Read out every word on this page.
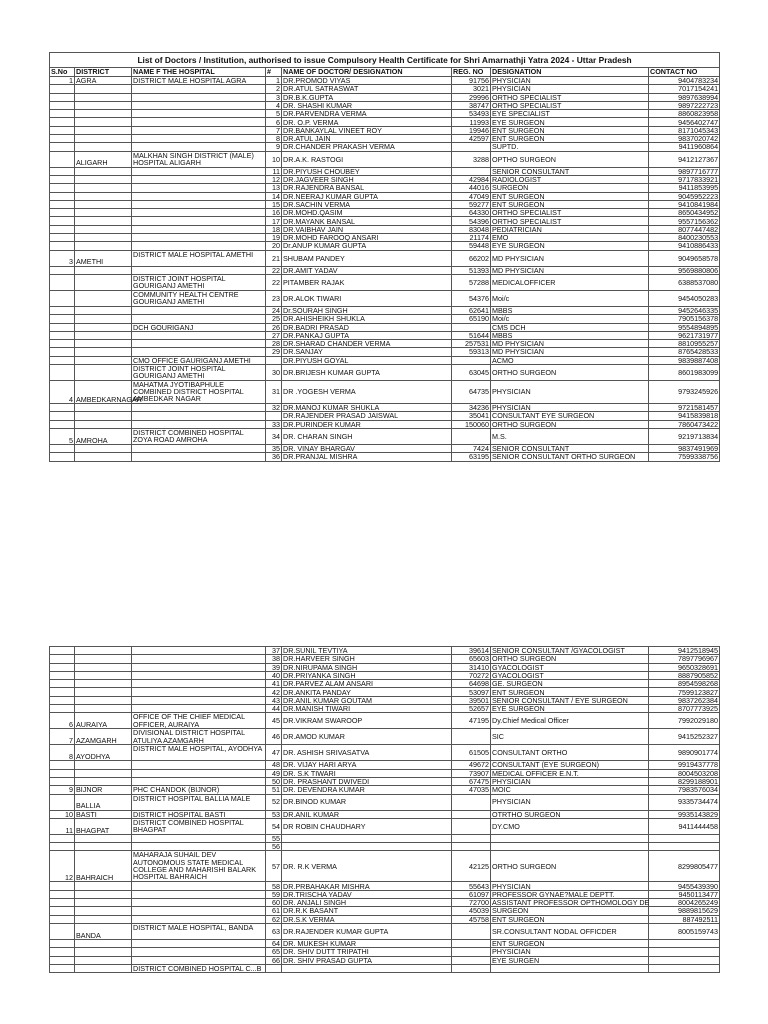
List of Doctors / Institution, authorised to issue Compulsory Health Certificate for Shri Amarnathji Yatra 2024 - Uttar Pradesh							
S.No	DISTRICT	NAME F THE HOSPITAL	#	NAME OF DOCTOR/ DESIGNATION	REG. NO	DESIGNATION	CONTACT NO
1	AGRA	DISTRICT MALE HOSPITAL AGRA	1	DR.PROMOD VIYAS	91756	PHYSICIAN	9404783234
			2	DR.ATUL SATRASWAT	3021	PHYSICIAN	7017154241
			3	DR.B.K.GUPTA	29996	ORTHO SPECIALIST	9897638994
			4	DR. SHASHI KUMAR	38747	ORTHO SPECIALIST	9897222723
			5	DR.PARVENDRA VERMA	53493	EYE SPECIALIST	8860823958
			6	DR. O.P. VERMA	11993	EYE SURGEON	9456402747
			7	DR.BANKAYLAL VINEET ROY	19946	ENT SURGEON	8171045343
			8	DR.ATUL JAIN	42597	ENT SURGEON	9837020742
			9	DR.CHANDER PRAKASH VERMA		SUPTD.	9411960864
	ALIGARH	MALKHAN SINGH DISTRICT (MALE) HOSPITAL ALIGARH	10	DR.A.K. RASTOGI	3288	OPTHO SURGEON	9412127367
			11	DR.PIYUSH CHOUBEY		SENIOR CONSULTANT	9897716777
			12	DR.JAGVEER SINGH	42984	RADIOLOGIST	9717833921
			13	DR.RAJENDRA BANSAL	44016	SURGEON	9411853995
			14	DR.NEERAJ KUMAR GUPTA	47049	ENT SURGEON	9045952223
			15	DR.SACHIN VERMA	59277	ENT SURGEON	9410841984
			16	DR.MOHD.QASIM	64330	ORTHO SPECIALIST	8650434952
			17	DR.MAYANK BANSAL	54396	ORTHO SPECIALIST	9557156362
			18	DR.VAIBHAV JAIN	83048	PEDIATRICIAN	8077447482
			19	DR.MOHD FAROOQ ANSARI	21174	EMO	8400230553
			20	Dr.ANUP KUMAR GUPTA	59448	EYE SURGEON	9410886433
3	AMETHI	DISTRICT MALE HOSPITAL AMETHI	21	SHUBAM PANDEY	66202	MD PHYSICIAN	9049658578
			22	DR.AMIT YADAV	51393	MD PHYSICIAN	9569880806
		DISTRICT JOINT HOSPITAL GOURIGANJ AMETHI	22	PITAMBER RAJAK	57288	MEDICALOFFICER	6388537080
		COMMUNITY HEALTH CENTRE GOURIGANJ AMETHI	23	DR.ALOK TIWARI	54376	Moi/c	9454050283
			24	Dr.SOURAH SINGH	62641	MBBS	9452646335
			25	DR.AHISHEIKH SHUKLA	65190	Moi/c	7905156378
		DCH GOURIGANJ	26	DR.BADRI PRASAD		CMS DCH	9554894895
			27	DR.PANKAJ GUPTA	51644	MBBS	9621731977
			28	DR.SHARAD CHANDER VERMA	257531	MD PHYSICIAN	8810955257
			29	DR.SANJAY	59313	MD PHYSICIAN	8765428533
		CMO OFFICE GAURIGANJ AMETHI		DR.PIYUSH GOYAL		ACMO	9839887408
		DISTRICT JOINT HOSPITAL GOURIGANJ AMETHI	30	DR.BRIJESH KUMAR GUPTA	63045	ORTHO SURGEON	8601983099
4	AMBEDKARNAGAR	MAHATMA JYOTIBAPHULE COMBINED DISTRICT HOSPITAL AMBEDKAR NAGAR	31	DR .YOGESH VERMA	64735	PHYSICIAN	9793245926
			32	DR.MANOJ KUMAR SHUKLA	34236	PHYSICIAN	9721581457
				DR.RAJENDER PRASAD JAISWAL	35041	CONSULTANT EYE SURGEON	9415839818
			33	DR.PURINDER KUMAR	150060	ORTHO SURGEON	7860473422
5	AMROHA	DISTRICT COMBINED HOSPITAL ZOYA ROAD AMROHA	34	DR. CHARAN SINGH		M.S.	9219713834
			35	DR. VINAY BHARGAV	7424	SENIOR CONSULTANT	9837491969
			36	DR.PRANJAL MISHRA	63195	SENIOR CONSULTANT ORTHO SURGEON	7599338756
			37	DR.SUNIL TEVTIYA	39614	SENIOR CONSULTANT /GYACOLOGIST	9412518945
			38	DR.HARVEER SINGH	65603	ORTHO SURGEON	7897796967
			39	DR.NIRUPAMA SINGH	31410	GYACOLOGIST	9650328691
			40	DR.PRIYANKA SINGH	70272	GYACOLOGIST	8887905852
			41	DR.PARVEZ ALAM ANSARI	64698	GE. SURGEON	8954598268
			42	DR.ANKITA PANDAY	53097	ENT SURGEON	7599123827
			43	DR.ANIL KUMAR GOUTAM	39501	SENIOR CONSULTANT / EYE SURGEON	9837262384
			44	DR.MANISH TIWARI	52657	EYE SURGEON	8707773925
6	AURAIYA	OFFICE OF THE CHIEF MEDICAL OFFICER, AURAIYA	45	DR.VIKRAM SWAROOP	47195	Dy.Chief Medical Officer	7992029180
7	AZAMGARH	DIVISIONAL DISTRICT HOSPITAL ATULIYA AZAMGARH	46	DR.AMOD KUMAR		SIC	9415252327
8	AYODHYA	DISTRICT MALE HOSPITAL, AYODHYA	47	DR. ASHISH SRIVASATVA	61505	CONSULTANT ORTHO	9890901774
			48	DR. VIJAY HARI ARYA	49672	CONSULTANT (EYE SURGEON)	9919437778
			49	DR. S.K TIWARI	73907	MEDICAL OFFICER E.N.T.	8004503208
			50	DR. PRASHANT DWIVEDI	67475	PHYSICIAN	8299188901
9	BIJNOR	PHC CHANDOK (BIJNOR)	51	DR. DEVENDRA KUMAR	47035	MOIC	7983576034
	BALLIA	DISTRICT HOSPITAL BALLIA MALE	52	DR.BINOD KUMAR		PHYSICIAN	9335734474
10	BASTI	DISTRICT HOSPITAL BASTI	53	DR.ANIL KUMAR		OTRTHO SURGEON	9935143829
11	BHAGPAT	DISTRICT COMBINED HOSPITAL BHAGPAT	54	DR ROBIN CHAUDHARY		DY.CMO	9411444458
			55				
			56				
12	BAHRAICH	MAHARAJA SUHAIL DEV AUTONOMOUS STATE MEDICAL COLLEGE AND MAHARISHI BALARK HOSPITAL BAHRAICH	57	DR. R.K VERMA	42125	ORTHO SURGEON	8299805477
			58	DR.PRBAHAKAR MISHRA	55643	PHYSICIAN	9455439390
			59	DR.TRISCHA YADAV	61097	PROFESSOR GYNAE?MALE DEPTT.	9450113477
			60	DR. ANJALI SINGH	72700	ASSISTANT PROFESSOR OPTHOMOLOGY DE	8004265249
			61	DR.R.K BASANT	45039	SURGEON	9889815629
			62	DR.S.K VERMA	45758	ENT SURGEON	887492511
	BANDA	DISTRICT MALE HOSPITAL, BANDA	63	DR.RAJENDER KUMAR GUPTA		SR.CONSULTANT NODAL OFFICDER	8005159743
			64	DR. MUKESH KUMAR		ENT SURGEON	
			65	DR. SHIV DUTT TRIPATHI		PHYSICIAN	
			66	DR. SHIV PRASAD GUPTA		EYE SURGEN	
		DISTRICT COMBINED HOSPITAL C...B					
